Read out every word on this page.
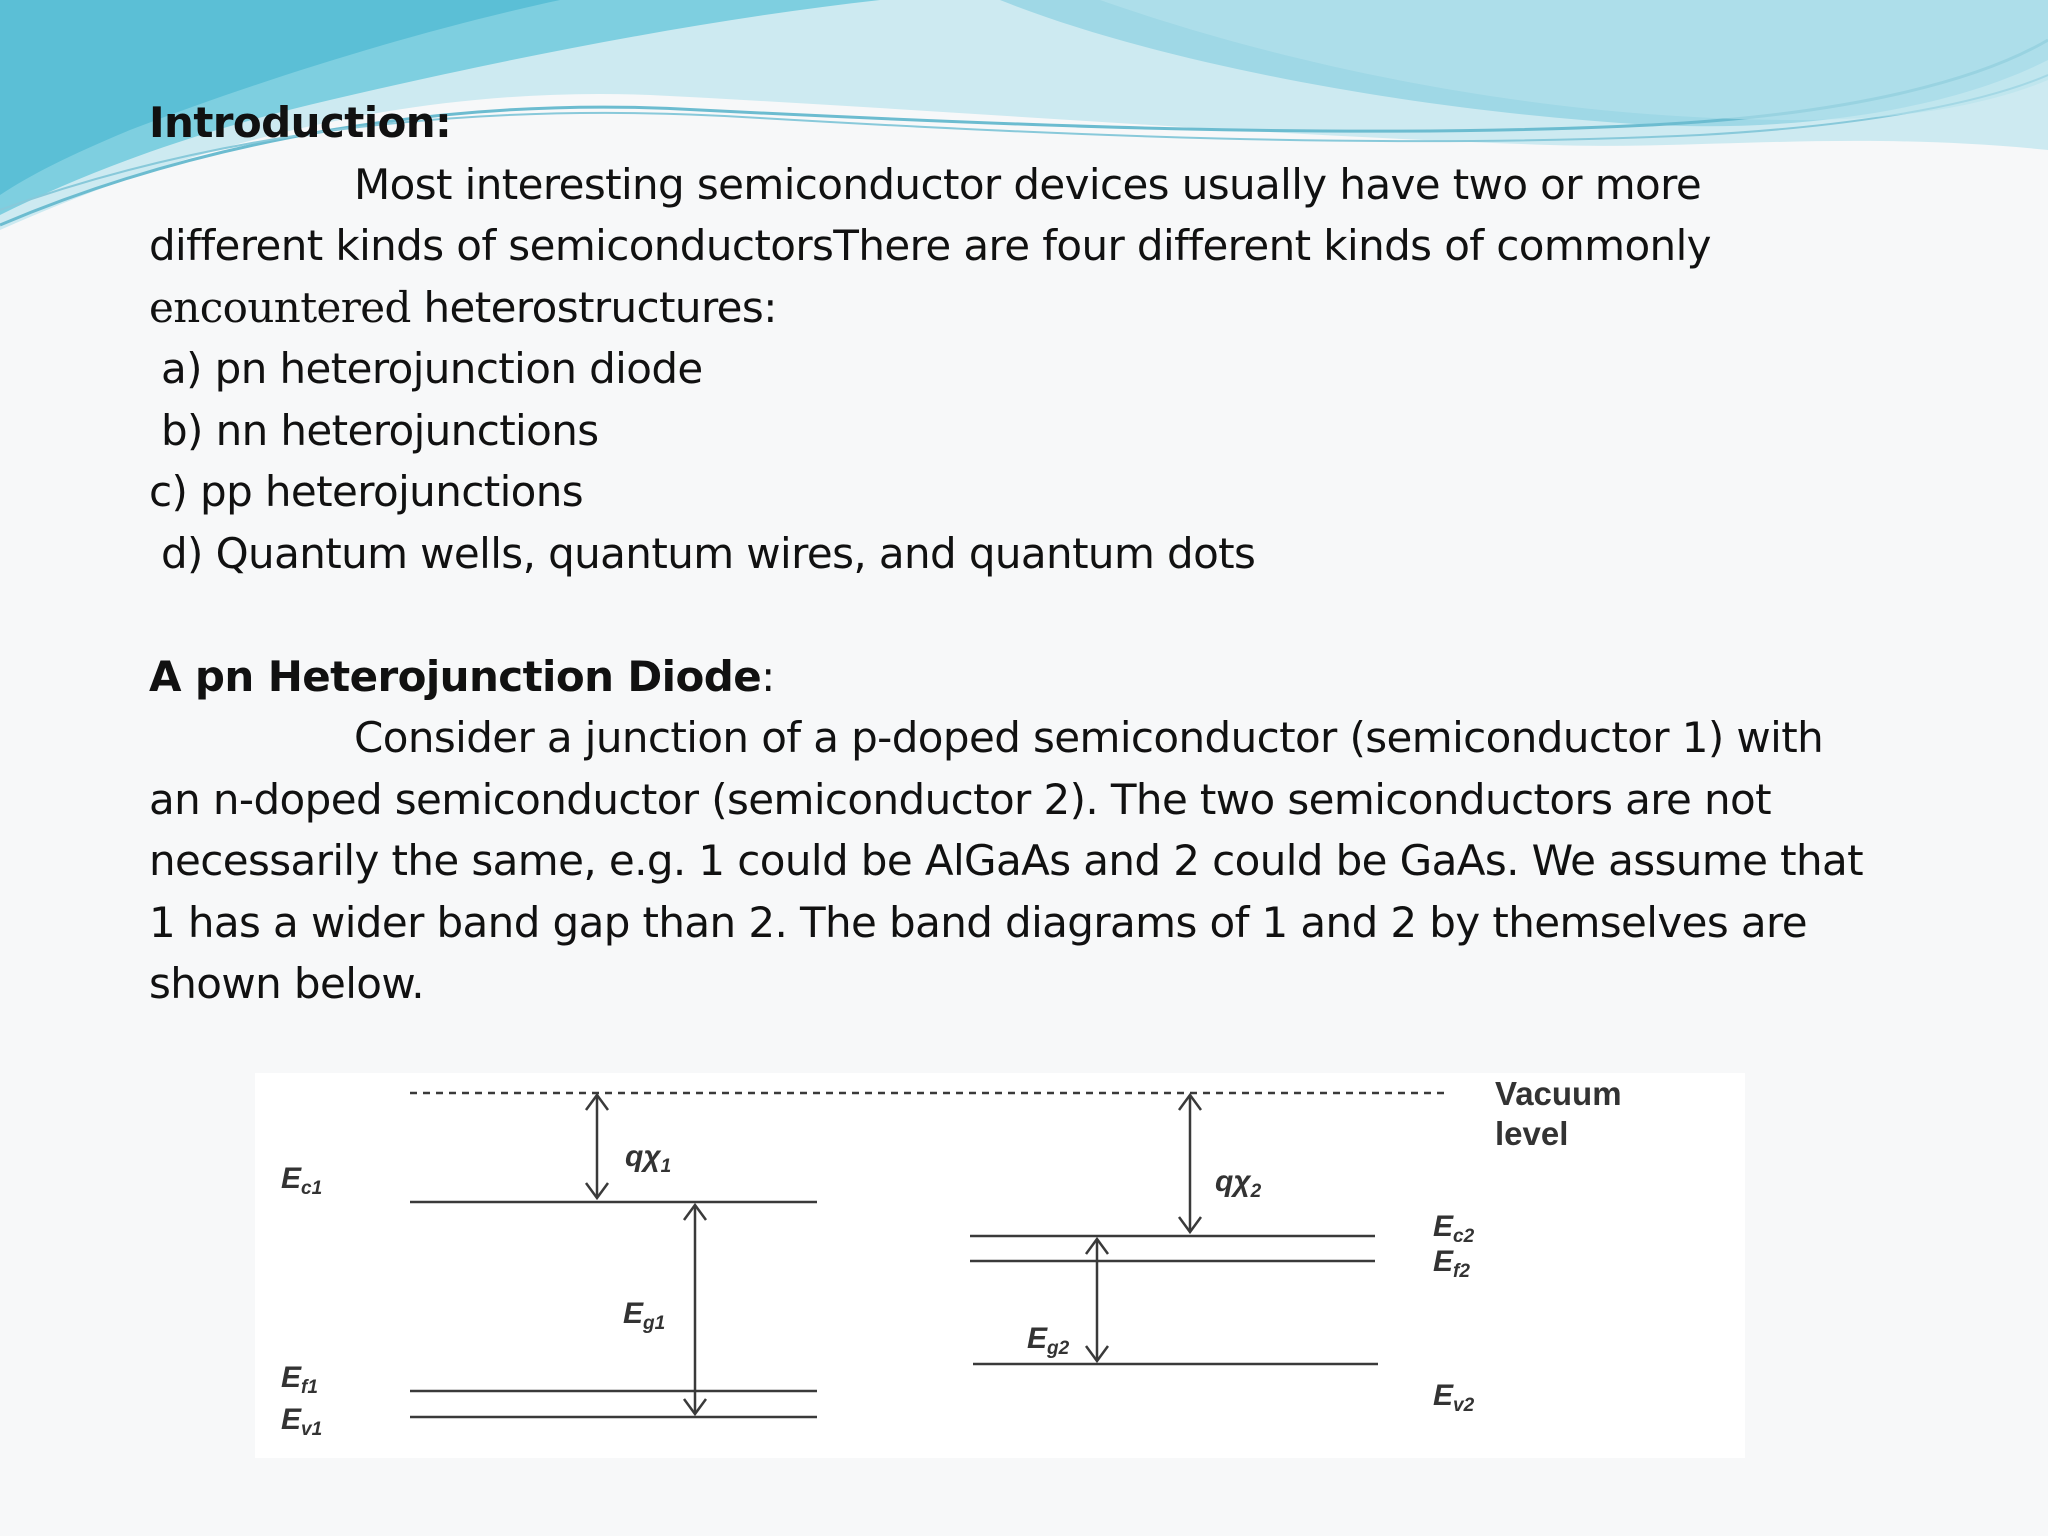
Introduction:

Most interesting semiconductor devices usually have two or more

different kinds of semiconductorsThere are four different kinds of commonly

encountered heterostructures:

a) pn heterojunction diode

b) nn heterojunctions

c) pp heterojunctions

d) Quantum wells, quantum wires, and quantum dots

A pn Heterojunction Diode:

Consider a junction of a p-doped semiconductor (semiconductor 1) with

an n-doped semiconductor (semiconductor 2). The two semiconductors are not

necessarily the same, e.g. 1 could be AlGaAs and 2 could be GaAs. We assume that

1 has a wider band gap than 2. The band diagrams of 1 and 2 by themselves are

shown below.

Vacuum
level
$E_{c1}$
$E_{f1}$
$E_{v1}$
$q\chi_1$
$E_{g1}$
$q\chi_2$
$E_{g2}$
$E_{c2}$
$E_{f2}$
$E_{v2}$
